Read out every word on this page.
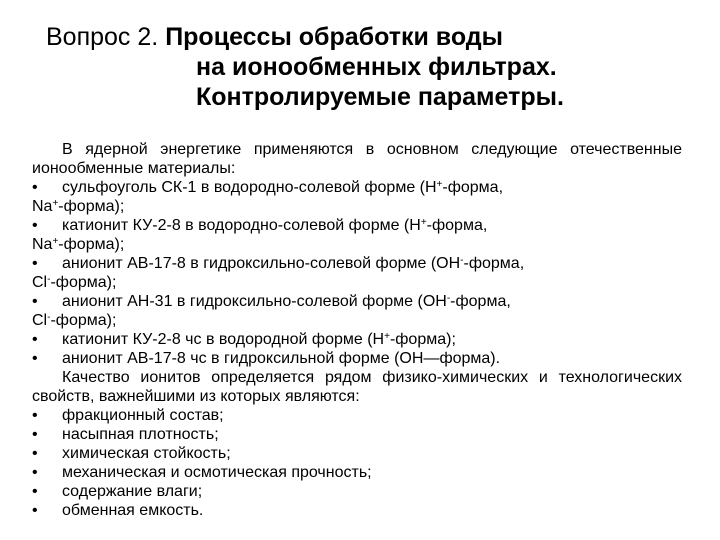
Вопрос 2. Процессы обработки воды
на ионообменных фильтрах.
Контролируемые параметры.

В ядерной энергетике применяются в основном следующие отечественные ионообменные материалы:

•	сульфоуголь СК-1 в водородно-солевой форме (Н+-форма,
Na+-форма);
•	катионит КУ-2-8 в водородно-солевой форме (Н+-форма,
Na+-форма);
•	анионит АВ-17-8 в гидроксильно-солевой форме (ОН--форма,
Cl--форма);
•	анионит АН-31 в гидроксильно-солевой форме (ОН--форма,
Cl--форма);
•	катионит КУ-2-8 чс в водородной форме (Н+-форма);
•	анионит АВ-17-8 чс в гидроксильной форме (ОН—форма).

Качество ионитов определяется рядом физико-химических и технологических свойств, важнейшими из которых являются:

•	фракционный состав;
•	насыпная плотность;
•	химическая стойкость;
•	механическая и осмотическая прочность;
•	содержание влаги;
•	обменная емкость.
